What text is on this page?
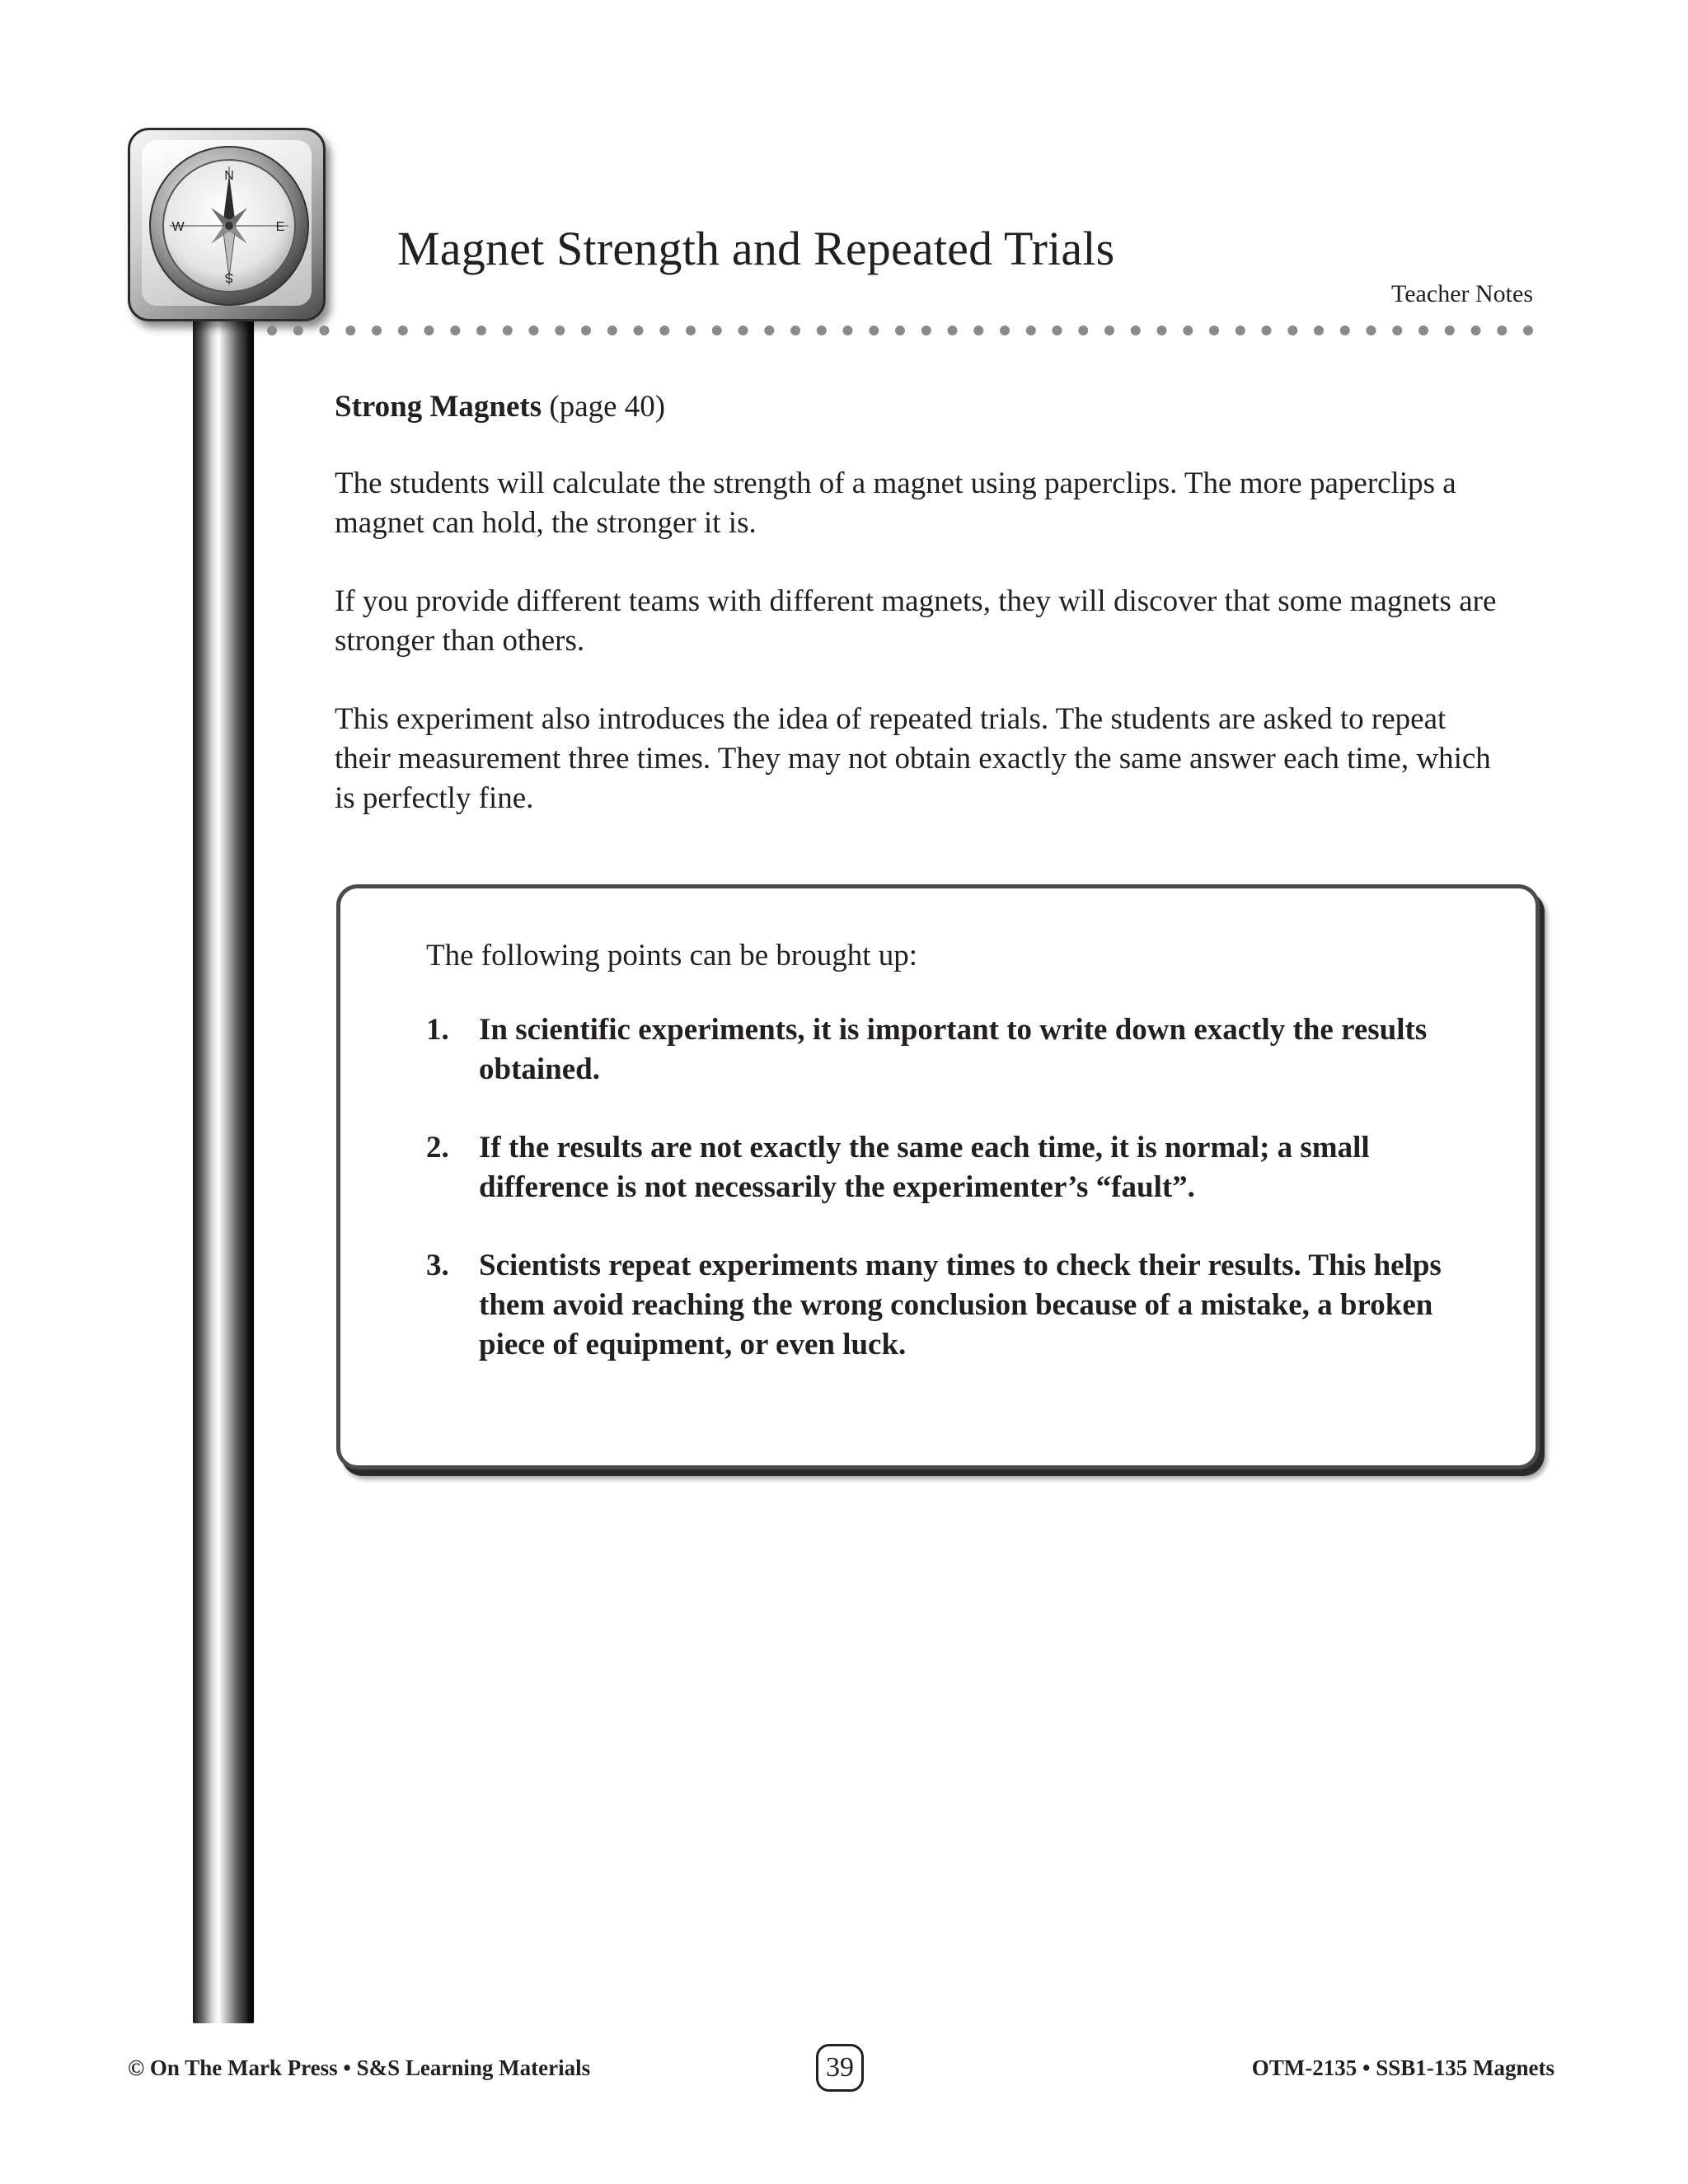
N
S
E
W	Magnet Strength and Repeated Trials
Teacher Notes
Strong Magnets (page 40)

The students will calculate the strength of a magnet using paperclips. The more paperclips a magnet can hold, the stronger it is.

If you provide different teams with different magnets, they will discover that some magnets are stronger than others.

This experiment also introduces the idea of repeated trials. The students are asked to repeat their measurement three times. They may not obtain exactly the same answer each time, which is perfectly fine.

The following points can be brought up:
1. In scientific experiments, it is important to write down exactly the results obtained.
2. If the results are not exactly the same each time, it is normal; a small difference is not necessarily the experimenter’s “fault”.
3. Scientists repeat experiments many times to check their results. This helps them avoid reaching the wrong conclusion because of a mistake, a broken piece of equipment, or even luck.
© On The Mark Press • S&S Learning Materials	39	OTM-2135 • SSB1-135 Magnets
